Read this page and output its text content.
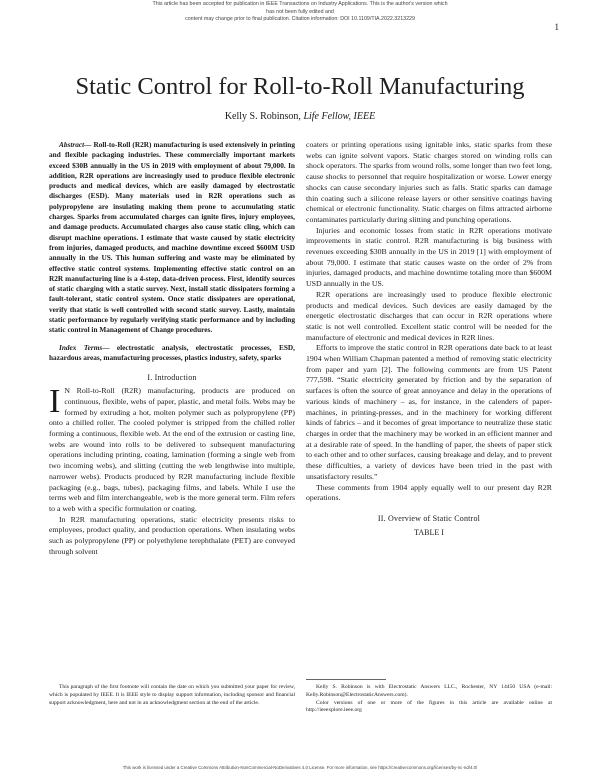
This article has been accepted for publication in IEEE Transactions on Industry Applications. This is the author's version which has not been fully edited and
content may change prior to final publication. Citation information: DOI 10.1109/TIA.2022.3213229
1
Static Control for Roll-to-Roll Manufacturing
Kelly S. Robinson, Life Fellow, IEEE

Abstract— Roll-to-Roll (R2R) manufacturing is used extensively in printing and flexible packaging industries. These commercially important markets exceed $30B annually in the US in 2019 with employment of about 79,000. In addition, R2R operations are increasingly used to produce flexible electronic products and medical devices, which are easily damaged by electrostatic discharges (ESD). Many materials used in R2R operations such as polypropylene are insulating making them prone to accumulating static charges. Sparks from accumulated charges can ignite fires, injury employees, and damage products. Accumulated charges also cause static cling, which can disrupt machine operations. I estimate that waste caused by static electricity from injuries, damaged products, and machine downtime exceed $600M USD annually in the US. This human suffering and waste may be eliminated by effective static control systems. Implementing effective static control on an R2R manufacturing line is a 4-step, data-driven process. First, identify sources of static charging with a static survey. Next, install static dissipaters forming a fault-tolerant, static control system. Once static dissipaters are operational, verify that static is well controlled with second static survey. Lastly, maintain static performance by regularly verifying static performance and by including static control in Management of Change procedures.

Index Terms— electrostatic analysis, electrostatic processes, ESD, hazardous areas, manufacturing processes, plastics industry, safety, sparks

I. Introduction

I N Roll-to-Roll (R2R) manufacturing, products are produced on continuous, flexible, webs of paper, plastic, and metal foils. Webs may be formed by extruding a hot, molten polymer such as polypropylene (PP) onto a chilled roller. The cooled polymer is stripped from the chilled roller forming a continuous, flexible web. At the end of the extrusion or casting line, webs are wound into rolls to be delivered to subsequent manufacturing operations including printing, coating, lamination (forming a single web from two incoming webs), and slitting (cutting the web lengthwise into multiple, narrower webs). Products produced by R2R manufacturing include flexible packaging (e.g., bags, tubes), packaging films, and labels. While I use the terms web and film interchangeable, web is the more general term. Film refers to a web with a specific formulation or coating.

In R2R manufacturing operations, static electricity presents risks to employees, product quality, and production operations. When insulating webs such as polypropylene (PP) or polyethylene terephthalate (PET) are conveyed through solvent

coaters or printing operations using ignitable inks, static sparks from these webs can ignite solvent vapors. Static charges stored on winding rolls can shock operators. The sparks from wound rolls, some longer than two feet long, cause shocks to personnel that require hospitalization or worse. Lower energy shocks can cause secondary injuries such as falls. Static sparks can damage thin coating such a silicone release layers or other sensitive coatings having chemical or electronic functionality. Static charges on films attracted airborne contaminates particularly during slitting and punching operations.

Injuries and economic losses from static in R2R operations motivate improvements in static control. R2R manufacturing is big business with revenues exceeding $30B annually in the US in 2019 [1] with employment of about 79,000. I estimate that static causes waste on the order of 2% from injuries, damaged products, and machine downtime totaling more than $600M USD annually in the US.

R2R operations are increasingly used to produce flexible electronic products and medical devices. Such devices are easily damaged by the energetic electrostatic discharges that can occur in R2R operations where static is not well controlled. Excellent static control will be needed for the manufacture of electronic and medical devices in R2R lines.

Efforts to improve the static control in R2R operations date back to at least 1904 when William Chapman patented a method of removing static electricity from paper and yarn [2]. The following comments are from US Patent 777,598. “Static electricity generated by friction and by the separation of surfaces is often the source of great annoyance and delay in the operations of various kinds of machinery – as, for instance, in the calenders of paper-machines, in printing-presses, and in the machinery for working different kinds of fabrics – and it becomes of great importance to neutralize these static charges in order that the machinery may be worked in an efficient manner and at a desirable rate of speed. In the handling of paper, the sheets of paper stick to each other and to other surfaces, causing breakage and delay, and to prevent these difficulties, a variety of devices have been tried in the past with unsatisfactory results.”

These comments from 1904 apply equally well to our present day R2R operations.

II. Overview of Static Control
TABLE I
This paragraph of the first footnote will contain the date on which you submitted your paper for review, which is populated by IEEE. It is IEEE style to display support information, including sponsor and financial support acknowledgment, here and not in an acknowledgment section at the end of the article.

Kelly S. Robinson is with Electrostatic Answers LLC., Rochester, NY 14450 USA (e-mail: Kelly.Robinson@ElectrostaticAnswers.com).

Color versions of one or more of the figures in this article are available online at http://ieeexplore.ieee.org

This work is licensed under a Creative Commons Attribution-NonCommercial-NoDerivatives 4.0 License. For more information, see https://creativecommons.org/licenses/by-nc-nd/4.0/
